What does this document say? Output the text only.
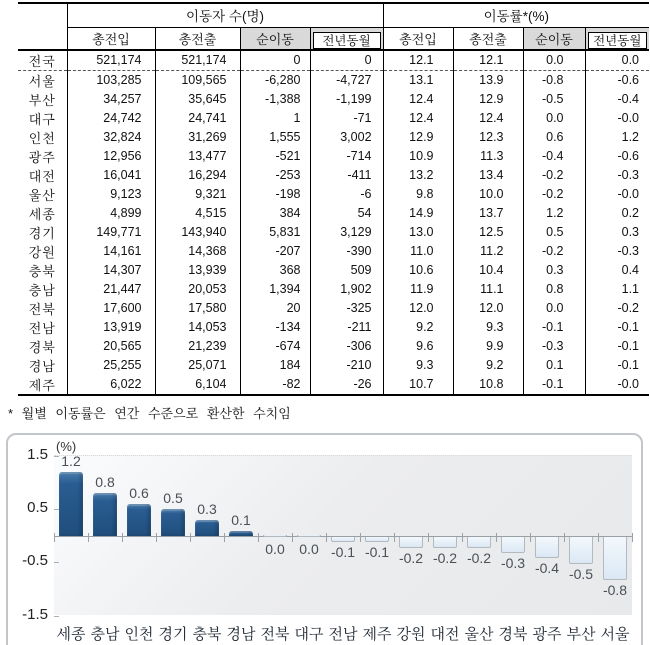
	이동자 수(명)				이동률*(%)			
	총전입	총전출	순이동	전년동월	총전입	총전출	순이동	전년동월

전국	521,174	521,174	0	0	12.1	12.1	0.0	0.0
서울	103,285	109,565	-6,280	-4,727	13.1	13.9	-0.8	-0.6
부산	34,257	35,645	-1,388	-1,199	12.4	12.9	-0.5	-0.4
대구	24,742	24,741	1	-71	12.4	12.4	0.0	-0.0
인천	32,824	31,269	1,555	3,002	12.9	12.3	0.6	1.2
광주	12,956	13,477	-521	-714	10.9	11.3	-0.4	-0.6
대전	16,041	16,294	-253	-411	13.2	13.4	-0.2	-0.3
울산	9,123	9,321	-198	-6	9.8	10.0	-0.2	-0.0
세종	4,899	4,515	384	54	14.9	13.7	1.2	0.2
경기	149,771	143,940	5,831	3,129	13.0	12.5	0.5	0.3
강원	14,161	14,368	-207	-390	11.0	11.2	-0.2	-0.3
충북	14,307	13,939	368	509	10.6	10.4	0.3	0.4
충남	21,447	20,053	1,394	1,902	11.9	11.1	0.8	1.1
전북	17,600	17,580	20	-325	12.0	12.0	0.0	-0.2
전남	13,919	14,053	-134	-211	9.2	9.3	-0.1	-0.1
경북	20,565	21,239	-674	-306	9.6	9.9	-0.3	-0.1
경남	25,255	25,071	184	-210	9.3	9.2	0.1	-0.1
제주	6,022	6,104	-82	-26	10.7	10.8	-0.1	-0.0
* 월별 이동률은 연간 수준으로 환산한 수치임
(%)
1.2
0.8
0.6 0.5
0.3
0.1
0.0 0.0 -0.1 -0.1 -0.2 -0.2 -0.2 -0.3 -0.4 -0.5
-0.8
세종 충남 인천 경기 충북 경남 전북 대구 전남 제주 강원 대전 울산 경북 광주 부산 서울
1.5
0.5
-0.5
-1.5
